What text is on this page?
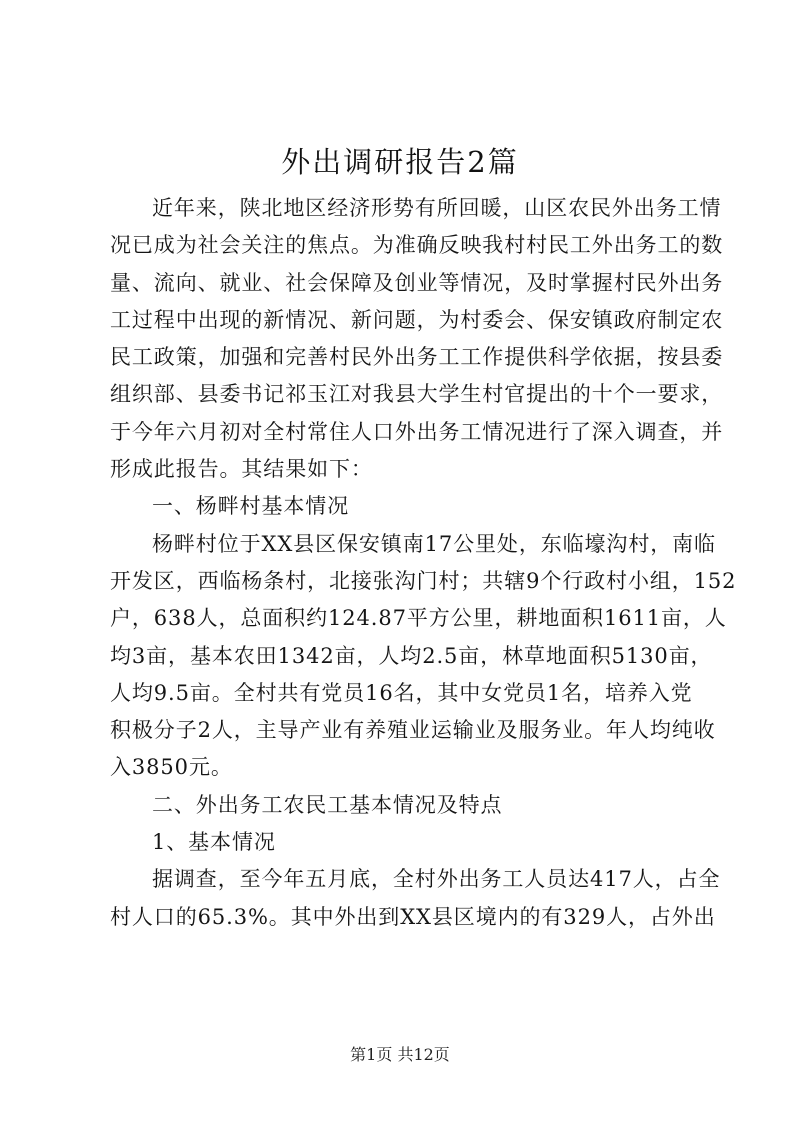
外出调研报告2篇
近年来，陕北地区经济形势有所回暖，山区农民外出务工情
况已成为社会关注的焦点。为准确反映我村村民工外出务工的数
量、流向、就业、社会保障及创业等情况，及时掌握村民外出务
工过程中出现的新情况、新问题，为村委会、保安镇政府制定农
民工政策，加强和完善村民外出务工工作提供科学依据，按县委
组织部、县委书记祁玉江对我县大学生村官提出的十个一要求，
于今年六月初对全村常住人口外出务工情况进行了深入调查，并
形成此报告。其结果如下：
一、杨畔村基本情况
杨畔村位于XX县区保安镇南17公里处，东临壕沟村，南临
开发区，西临杨条村，北接张沟门村；共辖9个行政村小组，152
户，638人，总面积约124.87平方公里，耕地面积1611亩，人
均3亩，基本农田1342亩，人均2.5亩，林草地面积5130亩，
人均9.5亩。全村共有党员16名，其中女党员1名，培养入党
积极分子2人，主导产业有养殖业运输业及服务业。年人均纯收
入3850元。
二、外出务工农民工基本情况及特点
1、基本情况
据调查，至今年五月底，全村外出务工人员达417人，占全
村人口的65.3%。其中外出到XX县区境内的有329人，占外出
第1页 共12页
